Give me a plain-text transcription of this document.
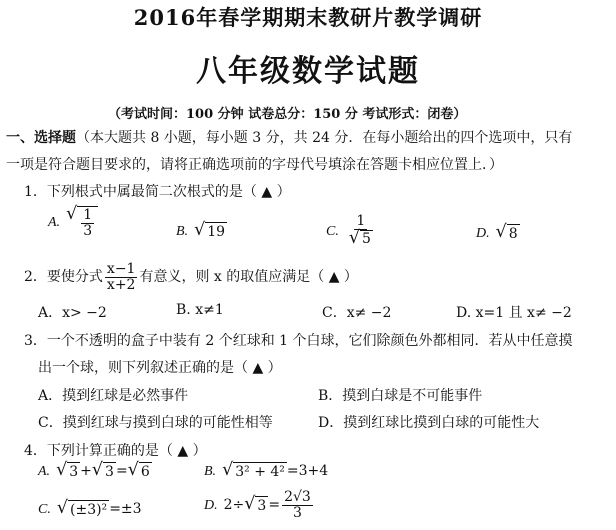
2016年春学期期末教研片教学调研
八年级数学试题
（考试时间：100 分钟 试卷总分：150 分 考试形式：闭卷）
一、选择题（本大题共 8 小题，每小题 3 分，共 24 分．在每小题给出的四个选项中，只有
一项是符合题目要求的，请将正确选项前的字母代号填涂在答题卡相应位置上．）
1．下列根式中属最简二次根式的是（ ▲ ）
A. √ $\frac{1}{3}$	B. √ 19	C. $\frac{1}{√ 5}$	D. √ 8
2．要使分式 $\frac{x-1}{x+2}$ 有意义，则 x 的取值应满足（ ▲ ）
A．x> −2	B. x≠1	C．x≠ −2	D. x=1 且 x≠ −2
3．一个不透明的盒子中装有 2 个红球和 1 个白球，它们除颜色外都相同．若从中任意摸
出一个球，则下列叙述正确的是（ ▲ ）
A．摸到红球是必然事件	B．摸到白球是不可能事件
C．摸到红球与摸到白球的可能性相等	D．摸到红球比摸到白球的可能性大
4．下列计算正确的是（ ▲ ）
A. √ 3 + √ 3 = √ 6	B. √ 3² + 4² =3+4
C. √ (±3)² =±3	D. 2÷ √ $3 = \frac{2√3}{3}$
